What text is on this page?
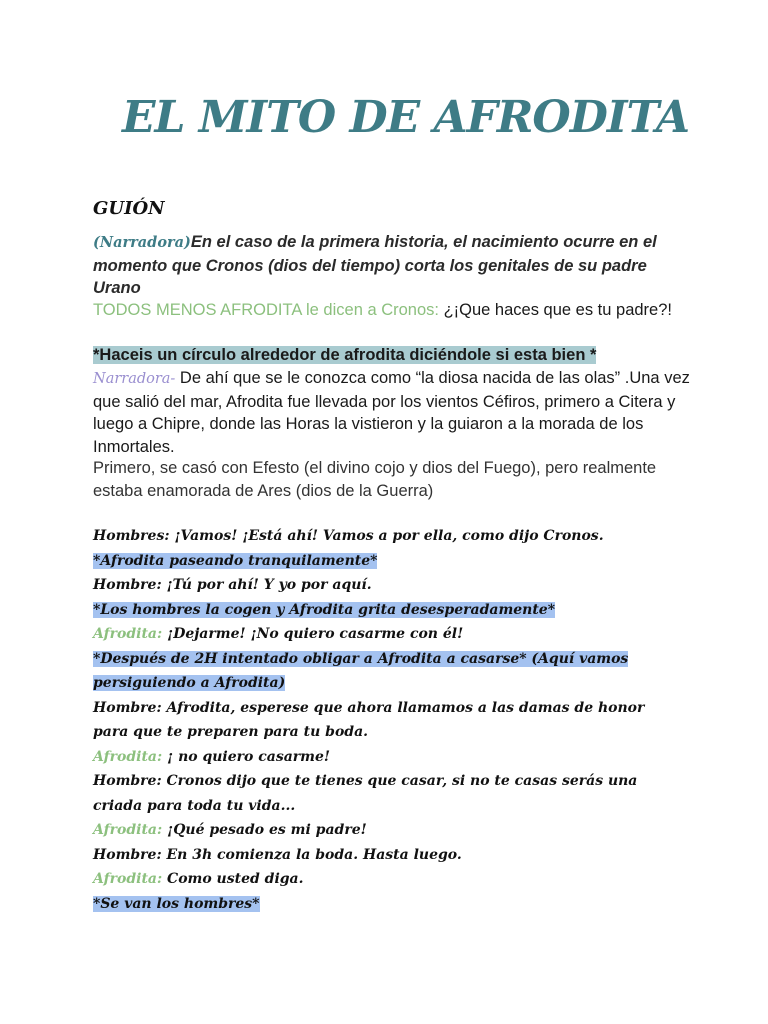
EL MITO DE AFRODITA
GUIÓN
(Narradora)En el caso de la primera historia, el nacimiento ocurre en el momento que Cronos (dios del tiempo) corta los genitales de su padre Urano
TODOS MENOS AFRODITA le dicen a Cronos: ¿¡Que haces que es tu padre?!
*Haceis un círculo alrededor de afrodita diciéndole si esta bien *
Narradora- De ahí que se le conozca como “la diosa nacida de las olas” .Una vez que salió del mar, Afrodita fue llevada por los vientos Céfiros, primero a Citera y luego a Chipre, donde las Horas la vistieron y la guiaron a la morada de los Inmortales.
Primero, se casó con Efesto (el divino cojo y dios del Fuego), pero realmente estaba enamorada de Ares (dios de la Guerra)
Hombres: ¡Vamos! ¡Está ahí! Vamos a por ella, como dijo Cronos.
*Afrodita paseando tranquilamente*
Hombre: ¡Tú por ahí! Y yo por aquí.
*Los hombres la cogen y Afrodita grita desesperadamente*
Afrodita: ¡Dejarme! ¡No quiero casarme con él!
*Después de 2H intentado obligar a Afrodita a casarse* (Aquí vamos persiguiendo a Afrodita)
Hombre: Afrodita, esperese que ahora llamamos a las damas de honor para que te preparen para tu boda.
Afrodita: ¡ no quiero casarme!
Hombre: Cronos dijo que te tienes que casar, si no te casas serás una criada para toda tu vida...
Afrodita: ¡Qué pesado es mi padre!
Hombre: En 3h comienza la boda. Hasta luego.
Afrodita: Como usted diga.
*Se van los hombres*
